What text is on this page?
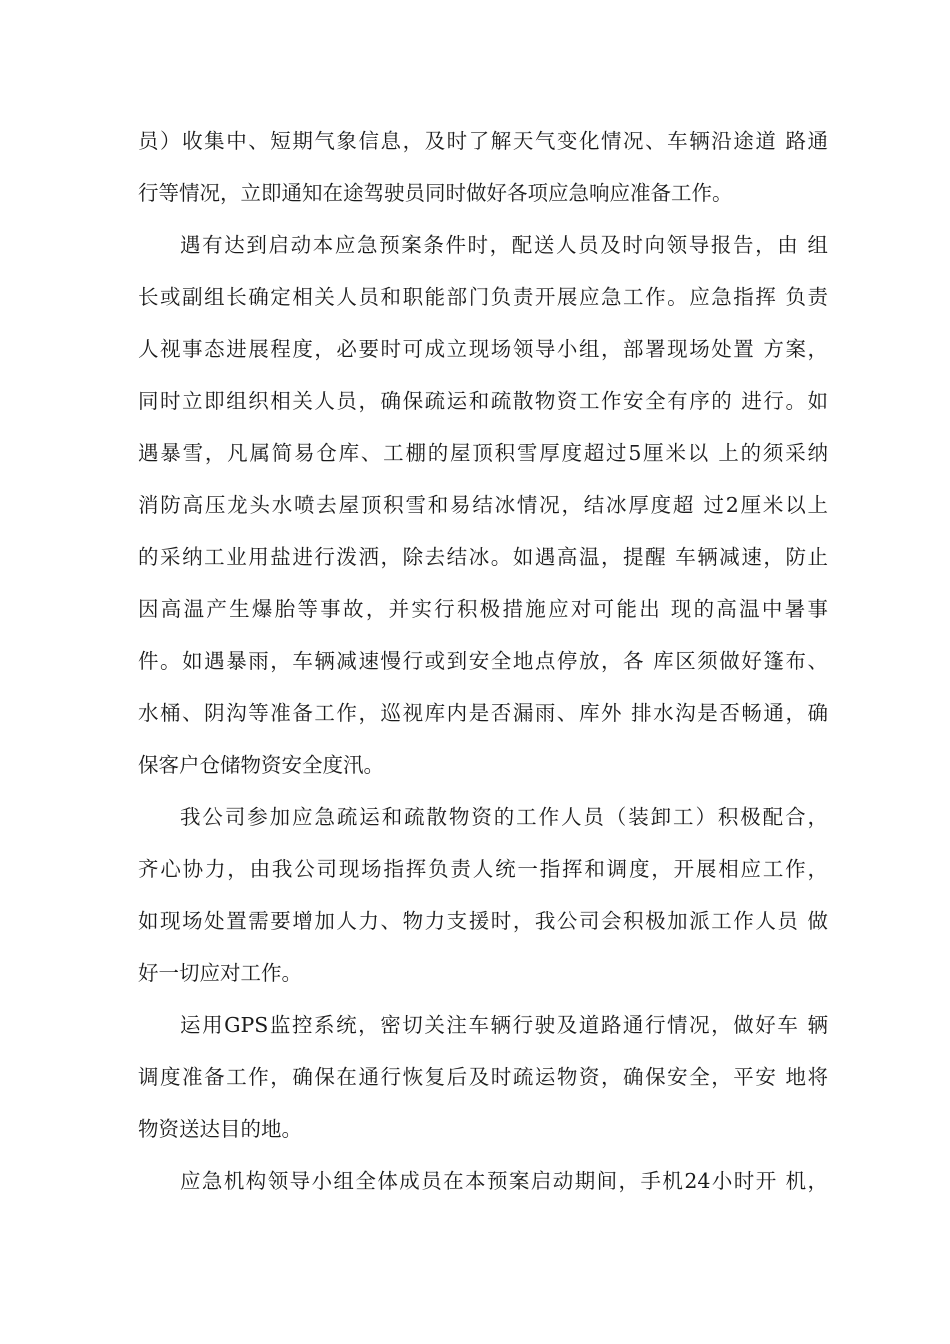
员）收集中、短期气象信息，及时了解天气变化情况、车辆沿途道 路通
行等情况，立即通知在途驾驶员同时做好各项应急响应准备工作。
遇有达到启动本应急预案条件时，配送人员及时向领导报告，由 组
长或副组长确定相关人员和职能部门负责开展应急工作。应急指挥 负责
人视事态进展程度，必要时可成立现场领导小组，部署现场处置 方案，
同时立即组织相关人员，确保疏运和疏散物资工作安全有序的 进行。如
遇暴雪，凡属简易仓库、工棚的屋顶积雪厚度超过5厘米以 上的须采纳
消防高压龙头水喷去屋顶积雪和易结冰情况，结冰厚度超 过2厘米以上
的采纳工业用盐进行泼洒，除去结冰。如遇高温，提醒 车辆减速，防止
因高温产生爆胎等事故，并实行积极措施应对可能出 现的高温中暑事
件。如遇暴雨，车辆减速慢行或到安全地点停放，各 库区须做好篷布、
水桶、阴沟等准备工作，巡视库内是否漏雨、库外 排水沟是否畅通，确
保客户仓储物资安全度汛。
我公司参加应急疏运和疏散物资的工作人员（装卸工）积极配合，
齐心协力，由我公司现场指挥负责人统一指挥和调度，开展相应工作，
如现场处置需要增加人力、物力支援时，我公司会积极加派工作人员 做
好一切应对工作。
运用GPS监控系统，密切关注车辆行驶及道路通行情况，做好车 辆
调度准备工作，确保在通行恢复后及时疏运物资，确保安全，平安 地将
物资送达目的地。
应急机构领导小组全体成员在本预案启动期间，手机24小时开 机，
